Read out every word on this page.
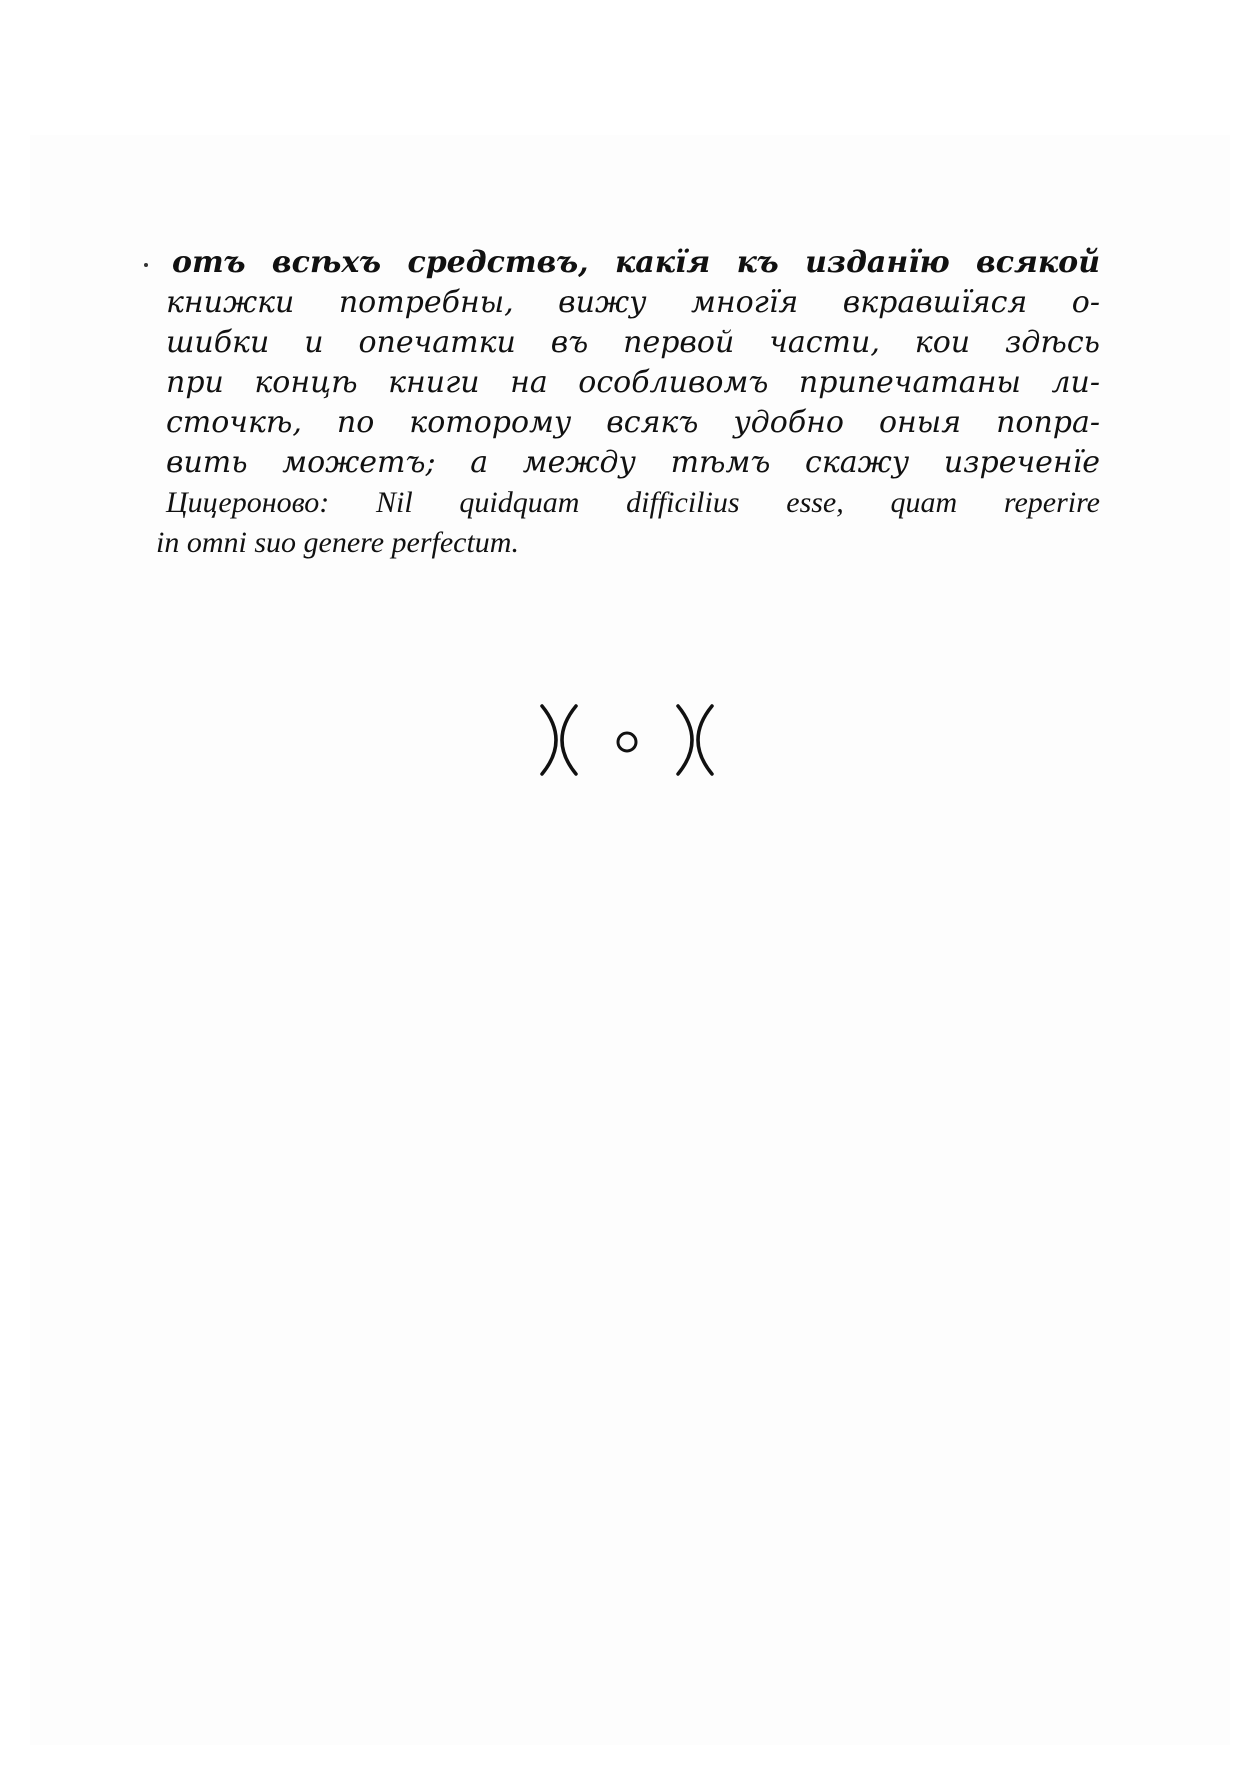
отъ всѣхъ средствъ, какїя къ изданїю всякой
книжки потребны, вижу многїя вкравшїяся о-
шибки и опечатки въ первой части, кои здѣсь
при концѣ книги на особливомъ припечатаны ли-
сточкѣ, по которому всякъ удобно оныя попра-
вить можетъ; а между тѣмъ скажу изреченїе
Цицероново: Nil quidquam difficilius esse, quam reperire
in omni suo genere perfectum.
